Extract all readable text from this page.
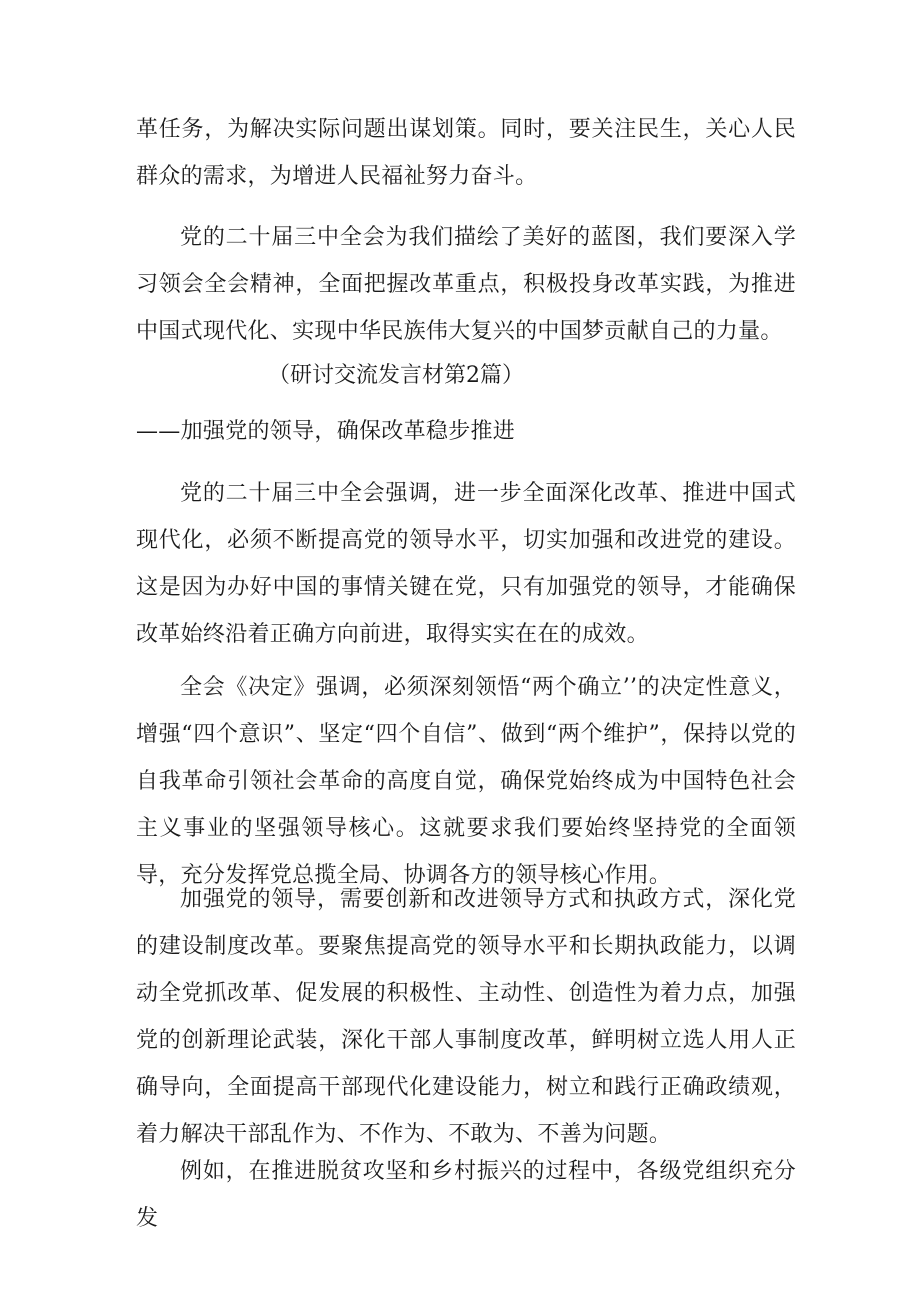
革任务，为解决实际问题出谋划策。同时，要关注民生，关心人民群众的需求，为增进人民福祉努力奋斗。

党的二十届三中全会为我们描绘了美好的蓝图，我们要深入学习领会全会精神，全面把握改革重点，积极投身改革实践，为推进中国式现代化、实现中华民族伟大复兴的中国梦贡献自己的力量。

（研讨交流发言材第2篇）

——加强党的领导，确保改革稳步推进

党的二十届三中全会强调，进一步全面深化改革、推进中国式现代化，必须不断提高党的领导水平，切实加强和改进党的建设。这是因为办好中国的事情关键在党，只有加强党的领导，才能确保改革始终沿着正确方向前进，取得实实在在的成效。

全会《决定》强调，必须深刻领悟“两个确立’’的决定性意义，增强“四个意识”、坚定“四个自信”、做到“两个维护”，保持以党的自我革命引领社会革命的高度自觉，确保党始终成为中国特色社会主义事业的坚强领导核心。这就要求我们要始终坚持党的全面领导，充分发挥党总揽全局、协调各方的领导核心作用。

加强党的领导，需要创新和改进领导方式和执政方式，深化党的建设制度改革。要聚焦提高党的领导水平和长期执政能力，以调动全党抓改革、促发展的积极性、主动性、创造性为着力点，加强党的创新理论武装，深化干部人事制度改革，鲜明树立选人用人正确导向，全面提高干部现代化建设能力，树立和践行正确政绩观，着力解决干部乱作为、不作为、不敢为、不善为问题。

例如，在推进脱贫攻坚和乡村振兴的过程中，各级党组织充分发
